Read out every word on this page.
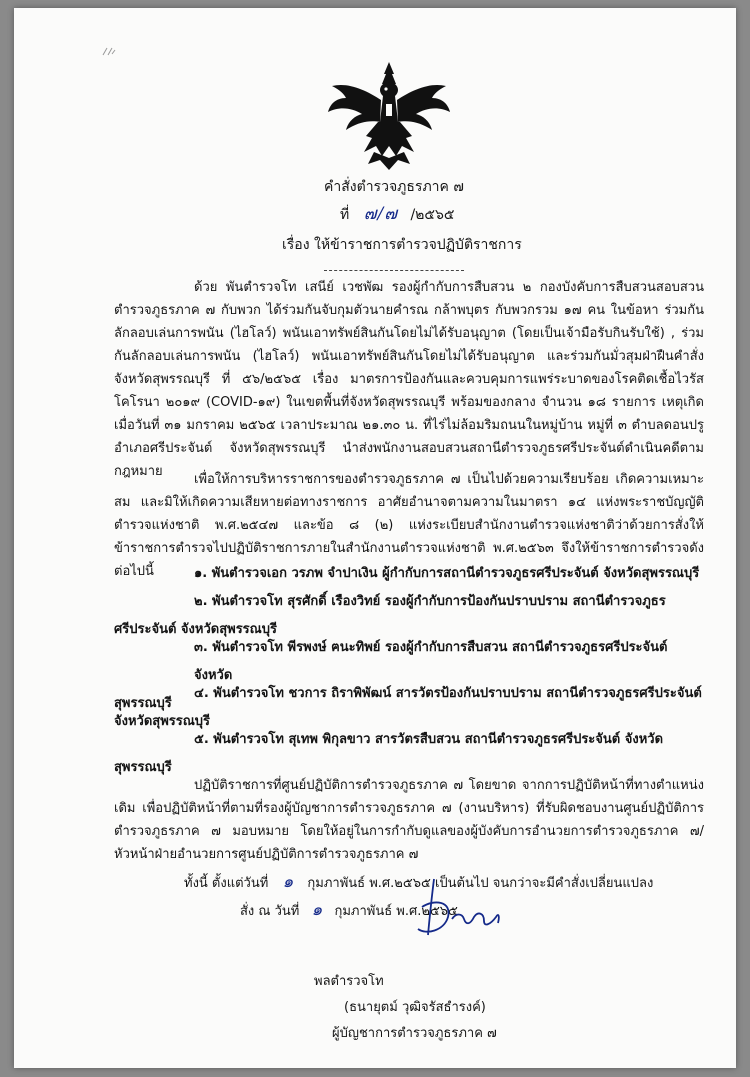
คำสั่งตำรวจภูธรภาค ๗
ที่ ๗/๗ /๒๕๖๕
เรื่อง ให้ข้าราชการตำรวจปฏิบัติราชการ
ด้วย พันตำรวจโท เสนีย์ เวชพัฒ รองผู้กำกับการสืบสวน ๒ กองบังคับการสืบสวนสอบสวน ตำรวจภูธรภาค ๗ กับพวก ได้ร่วมกันจับกุมตัวนายคำรณ กล้าพบุตร กับพวกรวม ๑๗ คน ในข้อหา ร่วมกันลักลอบเล่นการพนัน (ไฮโลว์) พนันเอาทรัพย์สินกันโดยไม่ได้รับอนุญาต (โดยเป็นเจ้ามือรับกินรับใช้) , ร่วมกันลักลอบเล่นการพนัน (ไฮโลว์) พนันเอาทรัพย์สินกันโดยไม่ได้รับอนุญาต และร่วมกันมั่วสุมฝ่าฝืนคำสั่งจังหวัดสุพรรณบุรี ที่ ๕๖/๒๕๖๕ เรื่อง มาตรการป้องกันและควบคุมการแพร่ระบาดของโรคติดเชื้อไวรัสโคโรนา ๒๐๑๙ (COVID-๑๙) ในเขตพื้นที่จังหวัดสุพรรณบุรี พร้อมของกลาง จำนวน ๑๘ รายการ เหตุเกิดเมื่อวันที่ ๓๑ มกราคม ๒๕๖๕ เวลาประมาณ ๒๑.๓๐ น. ที่ไร่ไม่ล้อมริมถนนในหมู่บ้าน หมู่ที่ ๓ ตำบลดอนปรู อำเภอศรีประจันต์ จังหวัดสุพรรณบุรี นำส่งพนักงานสอบสวนสถานีตำรวจภูธรศรีประจันต์ดำเนินคดีตามกฎหมาย
เพื่อให้การบริหารราชการของตำรวจภูธรภาค ๗ เป็นไปด้วยความเรียบร้อย เกิดความเหมาะสม และมิให้เกิดความเสียหายต่อทางราชการ อาศัยอำนาจตามความในมาตรา ๑๔ แห่งพระราชบัญญัติตำรวจแห่งชาติ พ.ศ.๒๕๔๗ และข้อ ๘ (๒) แห่งระเบียบสำนักงานตำรวจแห่งชาติว่าด้วยการสั่งให้ข้าราชการตำรวจไปปฏิบัติราชการภายในสำนักงานตำรวจแห่งชาติ พ.ศ.๒๕๖๓ จึงให้ข้าราชการตำรวจดังต่อไปนี้	๑. พันตำรวจเอก วรภพ จำปาเงิน ผู้กำกับการสถานีตำรวจภูธรศรีประจันต์ จังหวัดสุพรรณบุรี
๒. พันตำรวจโท สุรศักดิ์ เรืองวิทย์ รองผู้กำกับการป้องกันปราบปราม สถานีตำรวจภูธร
ศรีประจันต์ จังหวัดสุพรรณบุรี
๓. พันตำรวจโท พีรพงษ์ ฅนะทิพย์ รองผู้กำกับการสืบสวน สถานีตำรวจภูธรศรีประจันต์ จังหวัด
สุพรรณบุรี
๔. พันตำรวจโท ชวการ ถิราพิพัฒน์ สารวัตรป้องกันปราบปราม สถานีตำรวจภูธรศรีประจันต์
จังหวัดสุพรรณบุรี
๕. พันตำรวจโท สุเทพ พิกุลขาว สารวัตรสืบสวน สถานีตำรวจภูธรศรีประจันต์ จังหวัด
สุพรรณบุรี
ปฏิบัติราชการที่ศูนย์ปฏิบัติการตำรวจภูธรภาค ๗ โดยขาด จากการปฏิบัติหน้าที่ทางตำแหน่งเดิม เพื่อปฏิบัติหน้าที่ตามที่รองผู้บัญชาการตำรวจภูธรภาค ๗ (งานบริหาร) ที่รับผิดชอบงานศูนย์ปฏิบัติการตำรวจภูธรภาค ๗ มอบหมาย โดยให้อยู่ในการกำกับดูแลของผู้บังคับการอำนวยการตำรวจภูธรภาค ๗/หัวหน้าฝ่ายอำนวยการศูนย์ปฏิบัติการตำรวจภูธรภาค ๗
ทั้งนี้ ตั้งแต่วันที่ ๑ กุมภาพันธ์ พ.ศ.๒๕๖๕ เป็นต้นไป จนกว่าจะมีคำสั่งเปลี่ยนแปลง
สั่ง ณ วันที่ ๑ กุมภาพันธ์ พ.ศ.๒๕๖๕
พลตำรวจโท
(ธนายุตม์ วุฒิจรัสธำรงค์)
ผู้บัญชาการตำรวจภูธรภาค ๗
